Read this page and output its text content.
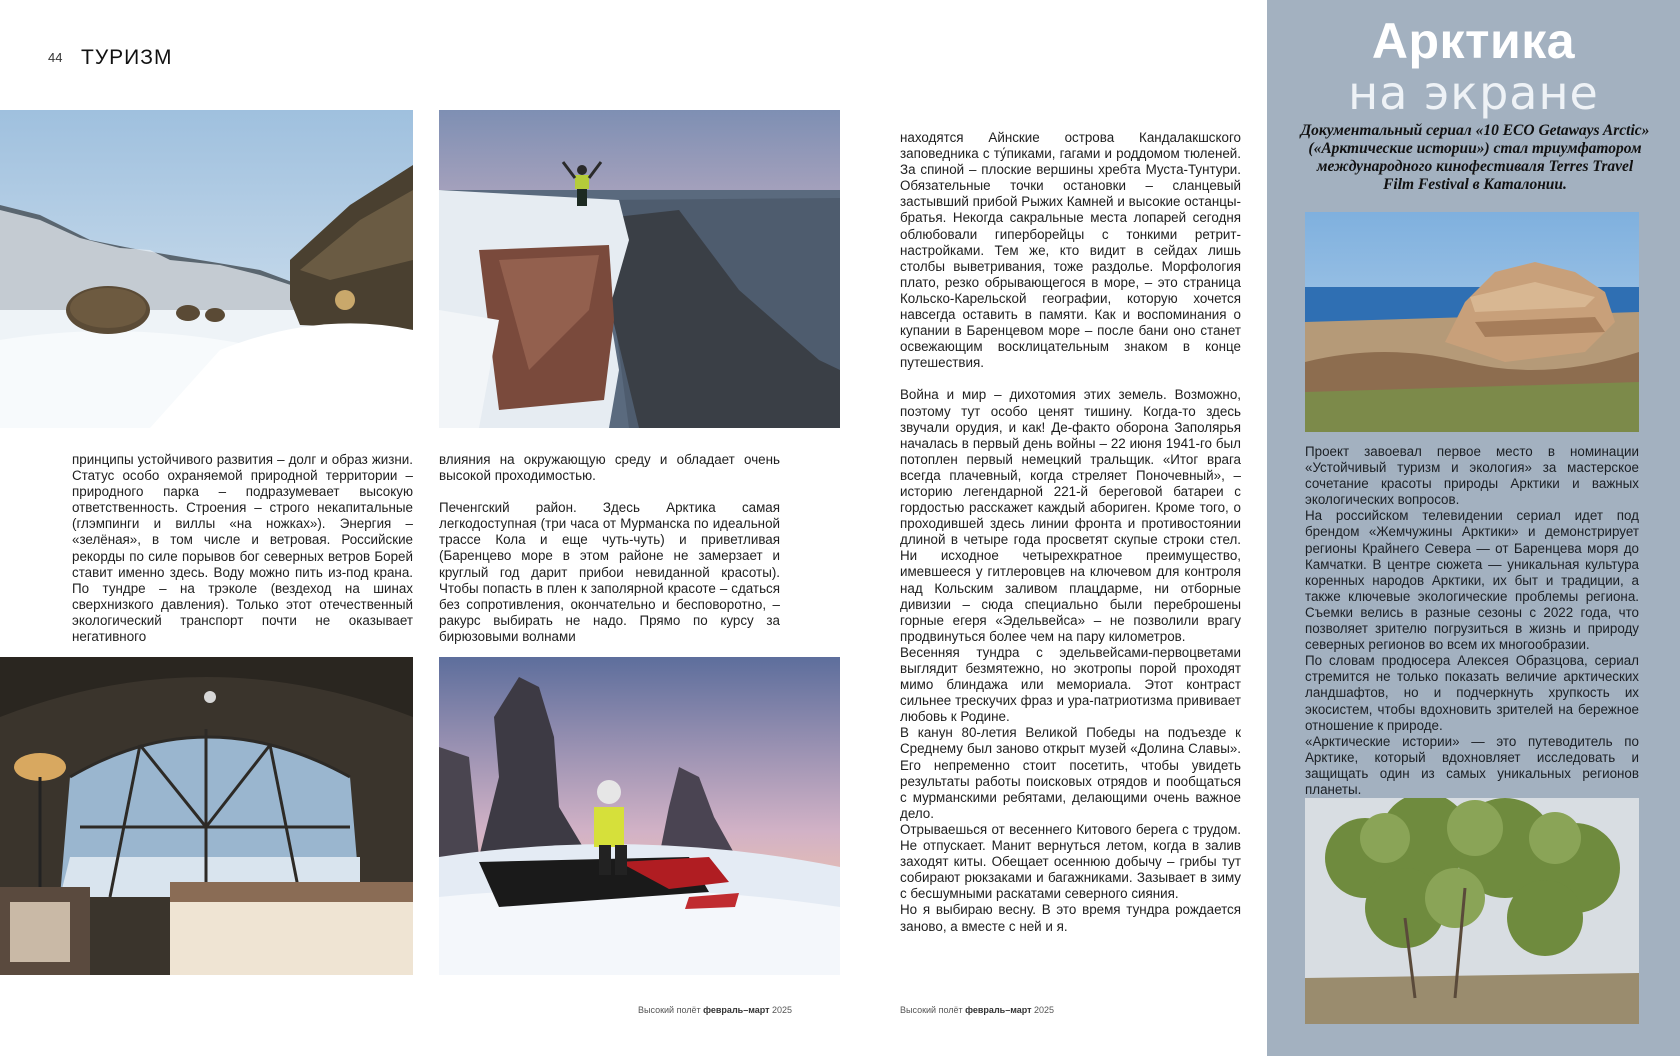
44 ТУРИЗМ

принципы устойчивого развития – долг и образ жизни. Статус особо охраняемой природной территории – природного парка – подразумевает высокую ответственность. Строения – строго некапитальные (глэмпинги и виллы «на ножках»). Энергия – «зелёная», в том числе и ветровая. Российские рекорды по силе порывов бог северных ветров Борей ставит именно здесь. Воду можно пить из-под крана. По тундре – на трэколе (вездеход на шинах сверхнизкого давления). Только этот отечественный экологический транспорт почти не оказывает негативного

влияния на окружающую среду и обладает очень высокой проходимостью.

Печенгский район. Здесь Арктика самая легкодоступная (три часа от Мурманска по идеальной трассе Кола и еще чуть-чуть) и приветливая (Баренцево море в этом районе не замерзает и круглый год дарит прибои невиданной красоты). Чтобы попасть в плен к заполярной красоте – сдаться без сопротивления, окончательно и бесповоротно, – ракурс выбирать не надо. Прямо по курсу за бирюзовыми волнами

находятся Айнские острова Кандалакшского заповедника с ту́пиками, гагами и роддомом тюленей. За спиной – плоские вершины хребта Муста-Тунтури. Обязательные точки остановки – сланцевый застывший прибой Рыжих Камней и высокие останцы-братья. Некогда сакральные места лопарей сегодня облюбовали гиперборейцы с тонкими ретрит-настройками. Тем же, кто видит в сейдах лишь столбы выветривания, тоже раздолье. Морфология плато, резко обрывающегося в море, – это страница Кольско-Карельской географии, которую хочется навсегда оставить в памяти. Как и воспоминания о купании в Баренцевом море – после бани оно станет освежающим восклицательным знаком в конце путешествия.

Война и мир – дихотомия этих земель. Возможно, поэтому тут особо ценят тишину. Когда-то здесь звучали орудия, и как! Де-факто оборона Заполярья началась в первый день войны – 22 июня 1941-го был потоплен первый немецкий тральщик. «Итог врага всегда плачевный, когда стреляет Поночевный», – историю легендарной 221-й береговой батареи с гордостью расскажет каждый абориген. Кроме того, о проходившей здесь линии фронта и противостоянии длиной в четыре года просветят скупые строки стел. Ни исходное четырехкратное преимущество, имевшееся у гитлеровцев на ключевом для контроля над Кольским заливом плацдарме, ни отборные дивизии – сюда специально были переброшены горные егеря «Эдельвейса» – не позволили врагу продвинуться более чем на пару километров.

Весенняя тундра с эдельвейсами-первоцветами выглядит безмятежно, но экотропы порой проходят мимо блиндажа или мемориала. Этот контраст сильнее трескучих фраз и ура-патриотизма прививает любовь к Родине.

В канун 80-летия Великой Победы на подъезде к Среднему был заново открыт музей «Долина Славы». Его непременно стоит посетить, чтобы увидеть результаты работы поисковых отрядов и пообщаться с мурманскими ребятами, делающими очень важное дело.

Отрываешься от весеннего Китового берега с трудом. Не отпускает. Манит вернуться летом, когда в залив заходят киты. Обещает осеннюю добычу – грибы тут собирают рюкзаками и багажниками. Зазывает в зиму с бесшумными раскатами северного сияния.

Но я выбираю весну. В это время тундра рождается заново, а вместе с ней и я.

Высокий полёт февраль–март 2025	Высокий полёт февраль–март 2025
Арктика
на экране
Документальный сериал «10 ECO Getaways Arctic» («Арктические истории») стал триумфатором международного кинофестиваля Terres Travel Film Festival в Каталонии.

Проект завоевал первое место в номинации «Устойчивый туризм и экология» за мастерское сочетание красоты природы Арктики и важных экологических вопросов.

На российском телевидении сериал идет под брендом «Жемчужины Арктики» и демонстрирует регионы Крайнего Севера — от Баренцева моря до Камчатки. В центре сюжета — уникальная культура коренных народов Арктики, их быт и традиции, а также ключевые экологические проблемы региона. Съемки велись в разные сезоны с 2022 года, что позволяет зрителю погрузиться в жизнь и природу северных регионов во всем их многообразии.

По словам продюсера Алексея Образцова, сериал стремится не только показать величие арктических ландшафтов, но и подчеркнуть хрупкость их экосистем, чтобы вдохновить зрителей на бережное отношение к природе.

«Арктические истории» — это путеводитель по Арктике, который вдохновляет исследовать и защищать один из самых уникальных регионов планеты.
